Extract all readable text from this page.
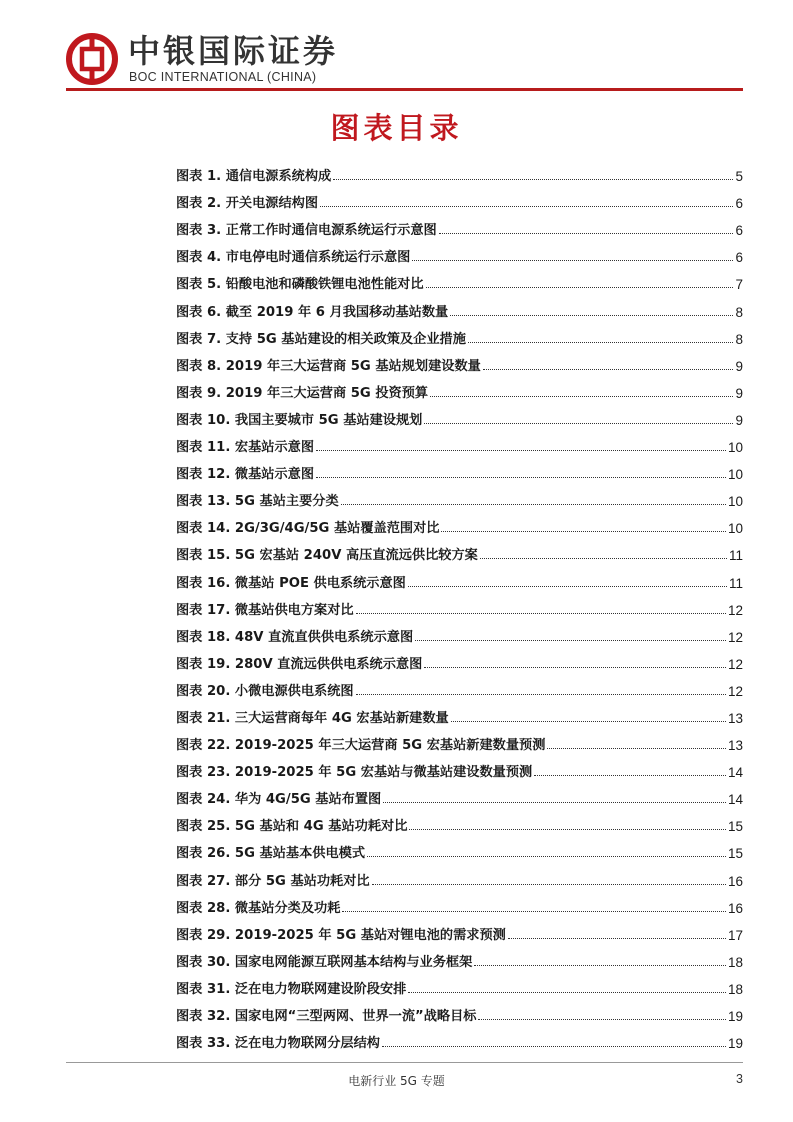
中银国际证券
BOC INTERNATIONAL (CHINA)
图表目录
图表 1. 通信电源系统构成	5
图表 2. 开关电源结构图	6
图表 3. 正常工作时通信电源系统运行示意图	6
图表 4. 市电停电时通信系统运行示意图	6
图表 5. 铅酸电池和磷酸铁锂电池性能对比	7
图表 6. 截至 2019 年 6 月我国移动基站数量	8
图表 7. 支持 5G 基站建设的相关政策及企业措施	8
图表 8. 2019 年三大运营商 5G 基站规划建设数量	9
图表 9. 2019 年三大运营商 5G 投资预算	9
图表 10. 我国主要城市 5G 基站建设规划	9
图表 11. 宏基站示意图	10
图表 12. 微基站示意图	10
图表 13. 5G 基站主要分类	10
图表 14. 2G/3G/4G/5G 基站覆盖范围对比	10
图表 15. 5G 宏基站 240V 高压直流远供比较方案	11
图表 16. 微基站 POE 供电系统示意图	11
图表 17. 微基站供电方案对比	12
图表 18. 48V 直流直供供电系统示意图	12
图表 19. 280V 直流远供供电系统示意图	12
图表 20. 小微电源供电系统图	12
图表 21. 三大运营商每年 4G 宏基站新建数量	13
图表 22. 2019-2025 年三大运营商 5G 宏基站新建数量预测	13
图表 23. 2019-2025 年 5G 宏基站与微基站建设数量预测	14
图表 24. 华为 4G/5G 基站布置图	14
图表 25. 5G 基站和 4G 基站功耗对比	15
图表 26. 5G 基站基本供电模式	15
图表 27. 部分 5G 基站功耗对比	16
图表 28. 微基站分类及功耗	16
图表 29. 2019-2025 年 5G 基站对锂电池的需求预测	17
图表 30. 国家电网能源互联网基本结构与业务框架	18
图表 31. 泛在电力物联网建设阶段安排	18
图表 32. 国家电网“三型两网、世界一流”战略目标	19
图表 33. 泛在电力物联网分层结构	19
电新行业 5G 专题	3
